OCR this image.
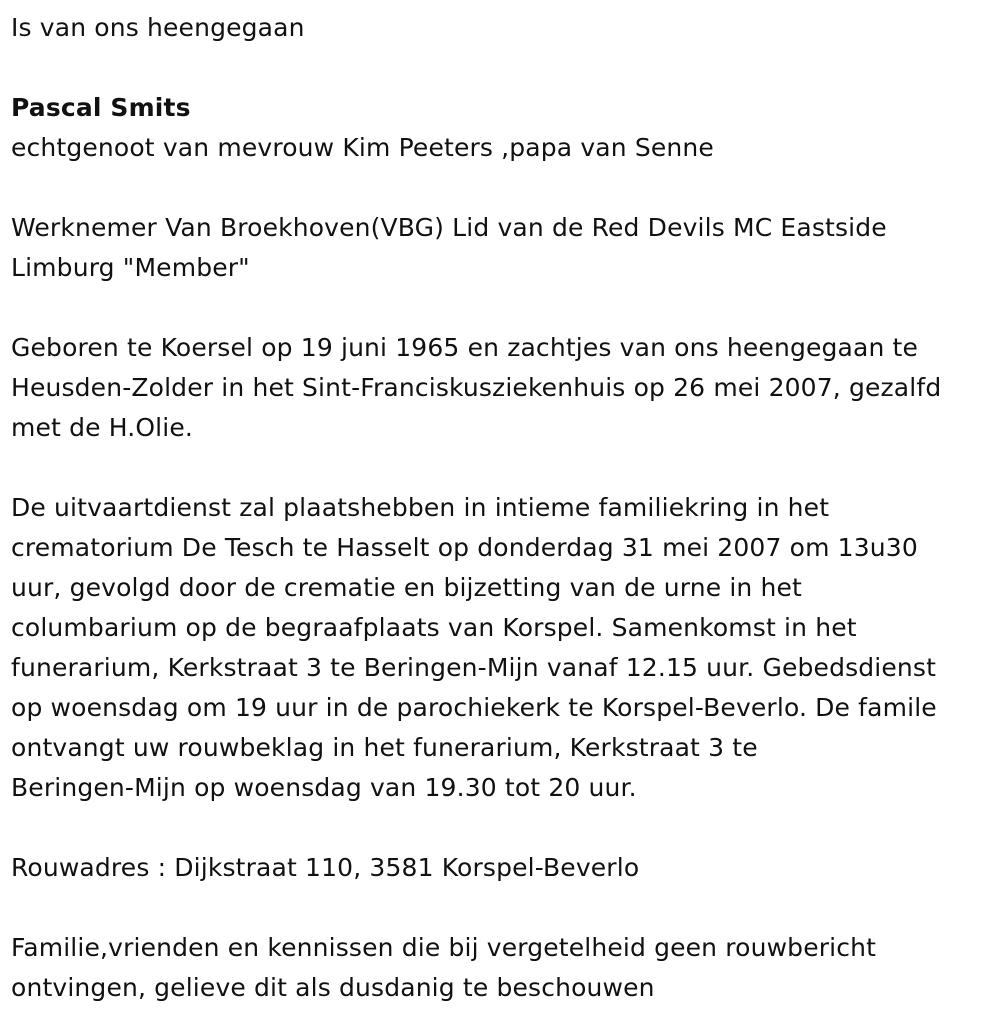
Is van ons heengegaan
Pascal Smits
echtgenoot van mevrouw Kim Peeters ,papa van Senne
Werknemer Van Broekhoven(VBG) Lid van de Red Devils MC Eastside
Limburg "Member"
Geboren te Koersel op 19 juni 1965 en zachtjes van ons heengegaan te
Heusden-Zolder in het Sint-Franciskusziekenhuis op 26 mei 2007, gezalfd
met de H.Olie.
De uitvaartdienst zal plaatshebben in intieme familiekring in het
crematorium De Tesch te Hasselt op donderdag 31 mei 2007 om 13u30
uur, gevolgd door de crematie en bijzetting van de urne in het
columbarium op de begraafplaats van Korspel. Samenkomst in het
funerarium, Kerkstraat 3 te Beringen-Mijn vanaf 12.15 uur. Gebedsdienst
op woensdag om 19 uur in de parochiekerk te Korspel-Beverlo. De famile
ontvangt uw rouwbeklag in het funerarium, Kerkstraat 3 te
Beringen-Mijn op woensdag van 19.30 tot 20 uur.
Rouwadres : Dijkstraat 110, 3581 Korspel-Beverlo
Familie,vrienden en kennissen die bij vergetelheid geen rouwbericht
ontvingen, gelieve dit als dusdanig te beschouwen
